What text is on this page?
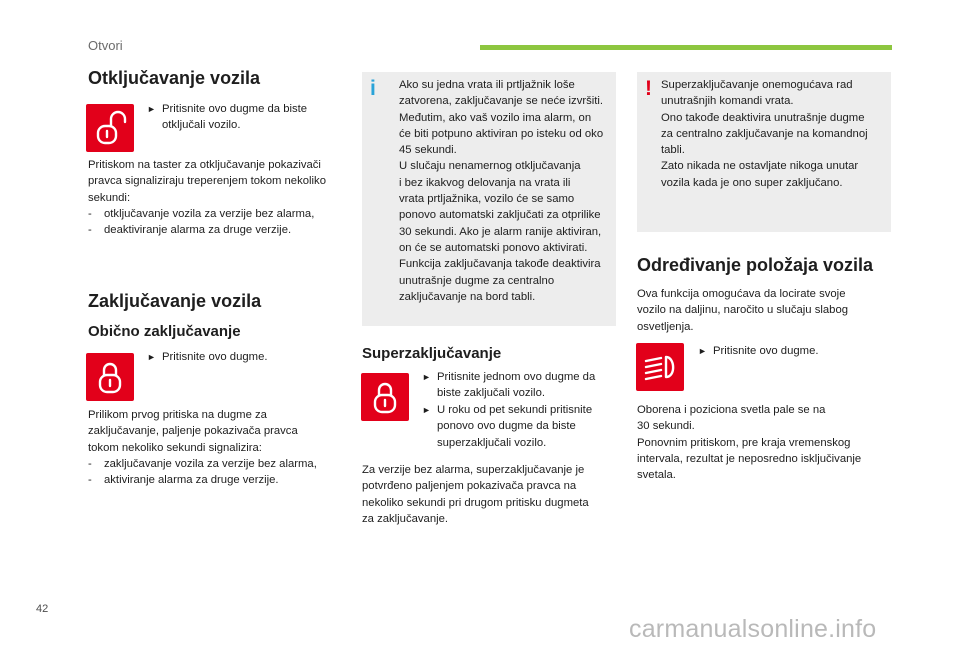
Otvori
Otključavanje vozila
► Pritisnite ovo dugme da biste otključali vozilo.
Pritiskom na taster za otključavanje pokazivači
pravca signaliziraju treperenjem tokom nekoliko
sekundi:
- otključavanje vozila za verzije bez alarma,
- deaktiviranje alarma za druge verzije.
Zaključavanje vozila
Obično zaključavanje
► Pritisnite ovo dugme.
Prilikom prvog pritiska na dugme za
zaključavanje, paljenje pokazivača pravca
tokom nekoliko sekundi signalizira:
- zaključavanje vozila za verzije bez alarma,
- aktiviranje alarma za druge verzije.
i Ako su jedna vrata ili prtljažnik loše
zatvorena, zaključavanje se neće izvršiti.
Međutim, ako vaš vozilo ima alarm, on
će biti potpuno aktiviran po isteku od oko
45 sekundi.
U slučaju nenamernog otključavanja
i bez ikakvog delovanja na vrata ili
vrata prtljažnika, vozilo će se samo
ponovo automatski zaključati za otprilike
30 sekundi. Ako je alarm ranije aktiviran,
on će se automatski ponovo aktivirati.
Funkcija zaključavanja takođe deaktivira
unutrašnje dugme za centralno
zaključavanje na bord tabli.
Superzaključavanje
► Pritisnite jednom ovo dugme da
biste zaključali vozilo.
► U roku od pet sekundi pritisnite
ponovo ovo dugme da biste
superzaključali vozilo.
Za verzije bez alarma, superzaključavanje je
potvrđeno paljenjem pokazivača pravca na
nekoliko sekundi pri drugom pritisku dugmeta
za zaključavanje.
! Superzaključavanje onemogućava rad
unutrašnjih komandi vrata.
Ono takođe deaktivira unutrašnje dugme
za centralno zaključavanje na komandnoj
tabli.
Zato nikada ne ostavljate nikoga unutar
vozila kada je ono super zaključano.
Određivanje položaja vozila
Ova funkcija omogućava da locirate svoje
vozilo na daljinu, naročito u slučaju slabog
osvetljenja.
► Pritisnite ovo dugme.
Oborena i poziciona svetla pale se na
30 sekundi.
Ponovnim pritiskom, pre kraja vremenskog
intervala, rezultat je neposredno isključivanje
svetala.
42
carmanualsonline.info
